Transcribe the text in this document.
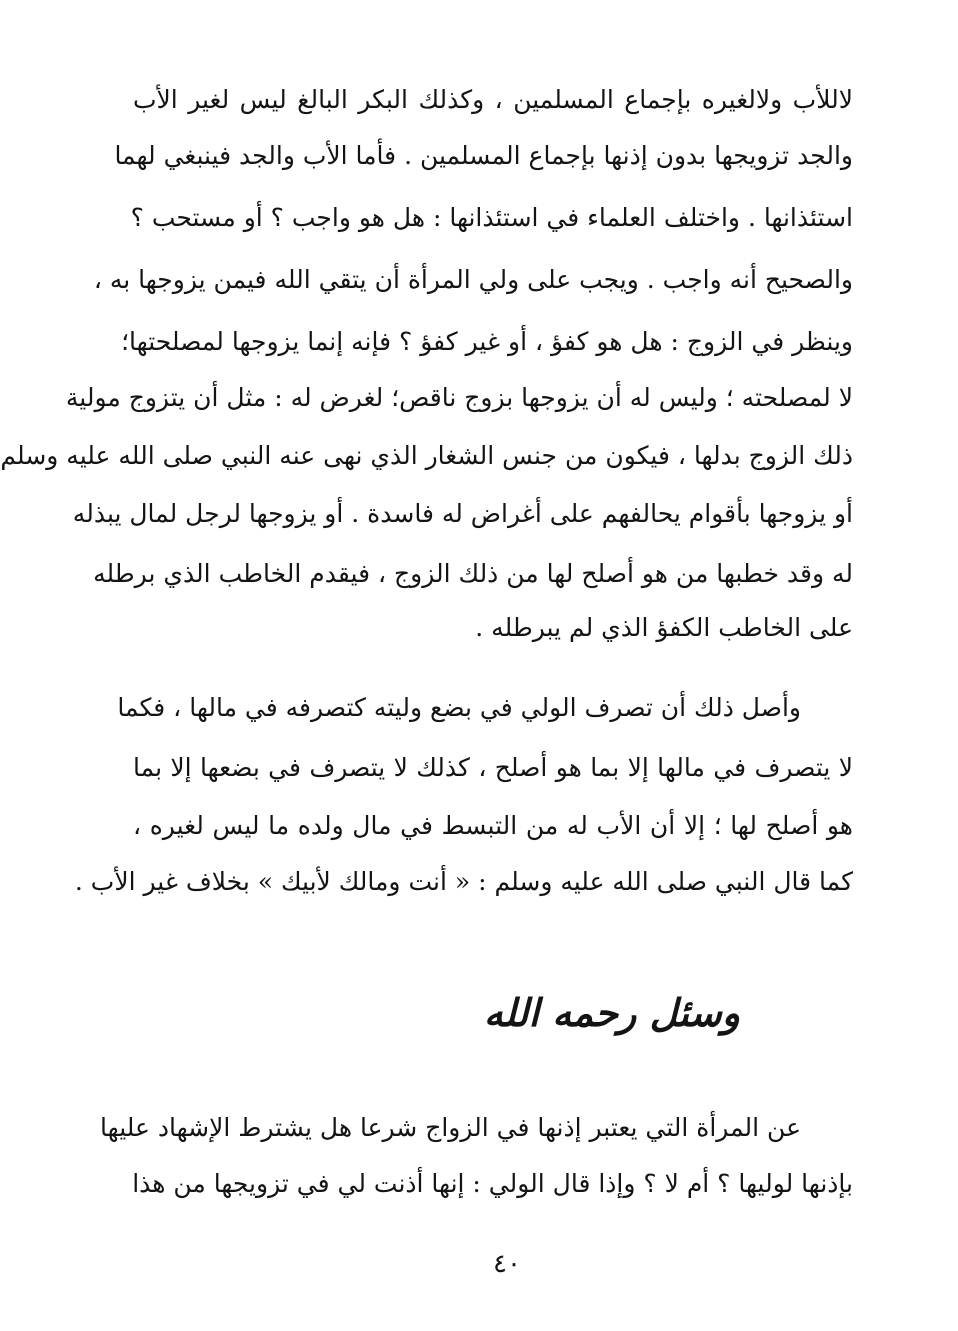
لاللأب ولالغيره بإجماع المسلمين ، وكذلك البكر البالغ ليس لغير الأب
والجد تزويجها بدون إذنها بإجماع المسلمين . فأما الأب والجد فينبغي لهما
استئذانها . واختلف العلماء في استئذانها : هل هو واجب ؟ أو مستحب ؟
والصحيح أنه واجب . ويجب على ولي المرأة أن يتقي الله فيمن يزوجها به ،
وينظر في الزوج : هل هو كفؤ ، أو غير كفؤ ؟ فإنه إنما يزوجها لمصلحتها؛
لا لمصلحته ؛ وليس له أن يزوجها بزوج ناقص؛ لغرض له : مثل أن يتزوج مولية
ذلك الزوج بدلها ، فيكون من جنس الشغار الذي نهى عنه النبي صلى الله عليه وسلم
أو يزوجها بأقوام يحالفهم على أغراض له فاسدة . أو يزوجها لرجل لمال يبذله
له وقد خطبها من هو أصلح لها من ذلك الزوج ، فيقدم الخاطب الذي برطله
على الخاطب الكفؤ الذي لم يبرطله .
وأصل ذلك أن تصرف الولي في بضع وليته كتصرفه في مالها ، فكما
لا يتصرف في مالها إلا بما هو أصلح ، كذلك لا يتصرف في بضعها إلا بما
هو أصلح لها ؛ إلا أن الأب له من التبسط في مال ولده ما ليس لغيره ،
كما قال النبي صلى الله عليه وسلم : « أنت ومالك لأبيك » بخلاف غير الأب .
وسئل رحمه الله
عن المرأة التي يعتبر إذنها في الزواج شرعا هل يشترط الإشهاد عليها
بإذنها لوليها ؟ أم لا ؟ وإذا قال الولي : إنها أذنت لي في تزويجها من هذا
٤٠
